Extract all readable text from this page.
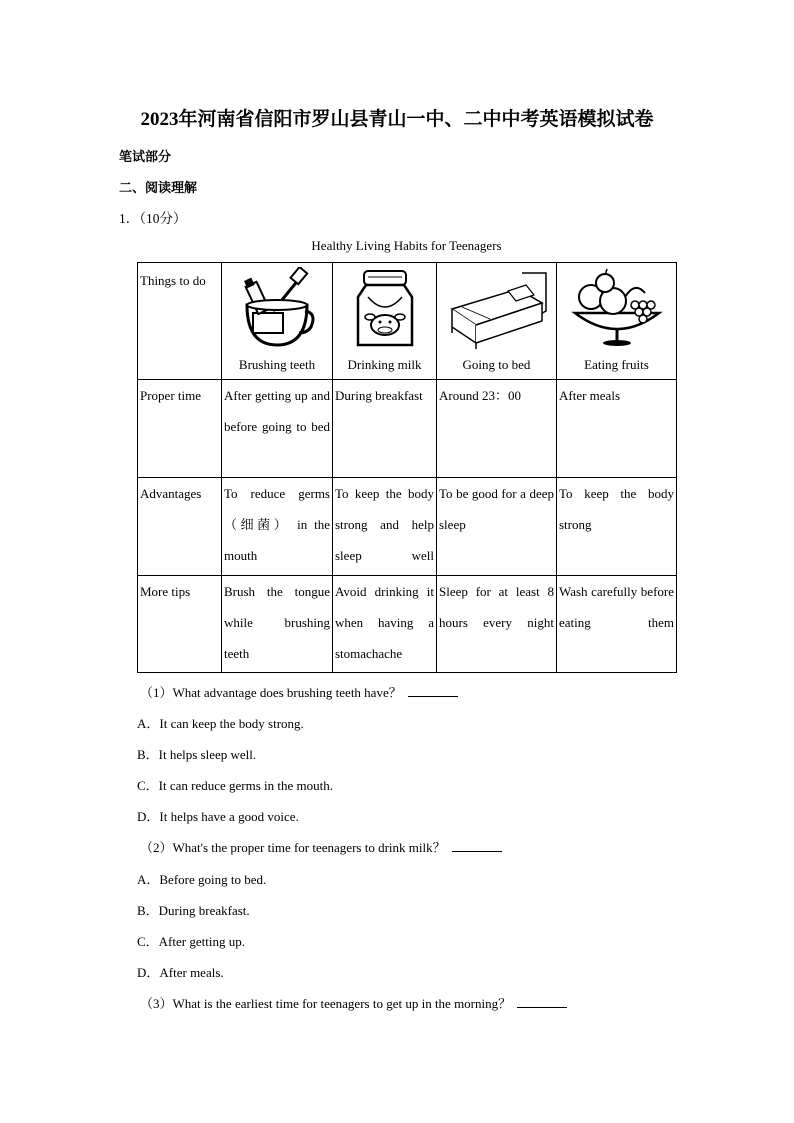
2023年河南省信阳市罗山县青山一中、二中中考英语模拟试卷
笔试部分
二、阅读理解
1．（10分）
Healthy Living Habits for Teenagers
Things to do	Brushing teeth	Drinking milk	Going to bed	Eating fruits

Proper time	After getting up and before going to bed	During breakfast	Around 23：00	After meals
Advantages	To reduce germs （细菌） in the mouth	To keep the body strong and help sleep well	To be good for a deep sleep	To keep the body strong
More tips	Brush the tongue while brushing teeth	Avoid drinking it when having a stomachache	Sleep for at least 8 hours every night	Wash carefully before eating them
（1）What advantage does brushing teeth have？
A．It can keep the body strong.
B．It helps sleep well.
C．It can reduce germs in the mouth.
D．It helps have a good voice.
（2）What's the proper time for teenagers to drink milk？
A．Before going to bed.
B．During breakfast.
C．After getting up.
D．After meals.
（3）What is the earliest time for teenagers to get up in the morning？
